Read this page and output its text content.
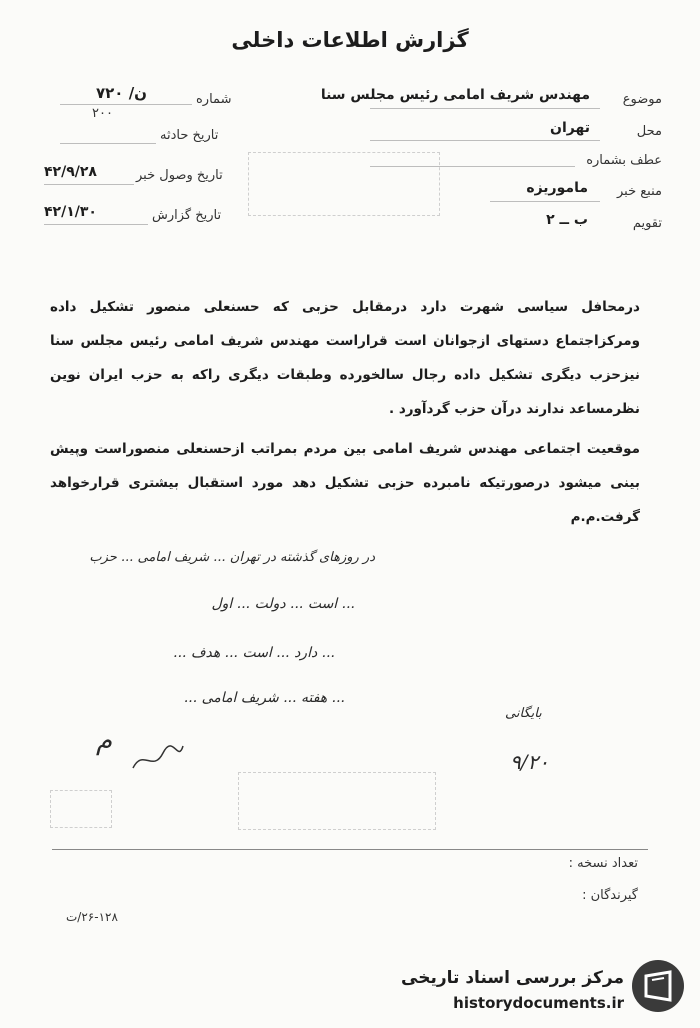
گزارش اطلاعات داخلی
موضوع
مهندس شریف امامی رئیس مجلس سنا
محل
تهران
عطف بشماره
منبع خبر
ماموریزه
تقویم
ب ــ ۲
شماره
ن/ ۷۲۰
۲۰۰
تاریخ حادثه
تاریخ وصول خبر
۴۲/۹/۲۸
تاریخ گزارش
۴۲/۱/۳۰
درمحافل سیاسی شهرت دارد درمقابل حزبی که حسنعلی منصور تشکیل داده ومرکزاجتماع دستهای ازجوانان است قراراست مهندس شریف امامی رئیس مجلس سنا نیزحزب دیگری تشکیل داده رجال سالخورده وطبقات دیگری راکه به حزب ایران نوین نظرمساعد ندارند درآن حزب گردآورد .
موقعیت اجتماعی مهندس شریف امامی بین مردم بمراتب ازحسنعلی منصوراست وپیش بینی میشود درصورتیکه نامبرده حزبی تشکیل دهد مورد استقبال بیشتری قرارخواهد گرفت.م.م
در روزهای گذشته در تهران ... شریف امامی ... حزب
... است ... دولت ... اول
... دارد ... است ... هدف ...
... هفته ... شریف امامی ...
م
بایگانی
۹/۲۰
تعداد نسخه :
گیرندگان :
۲۶-۱۲۸/ت
مرکز بررسی اسناد تاریخی
historydocuments.ir
